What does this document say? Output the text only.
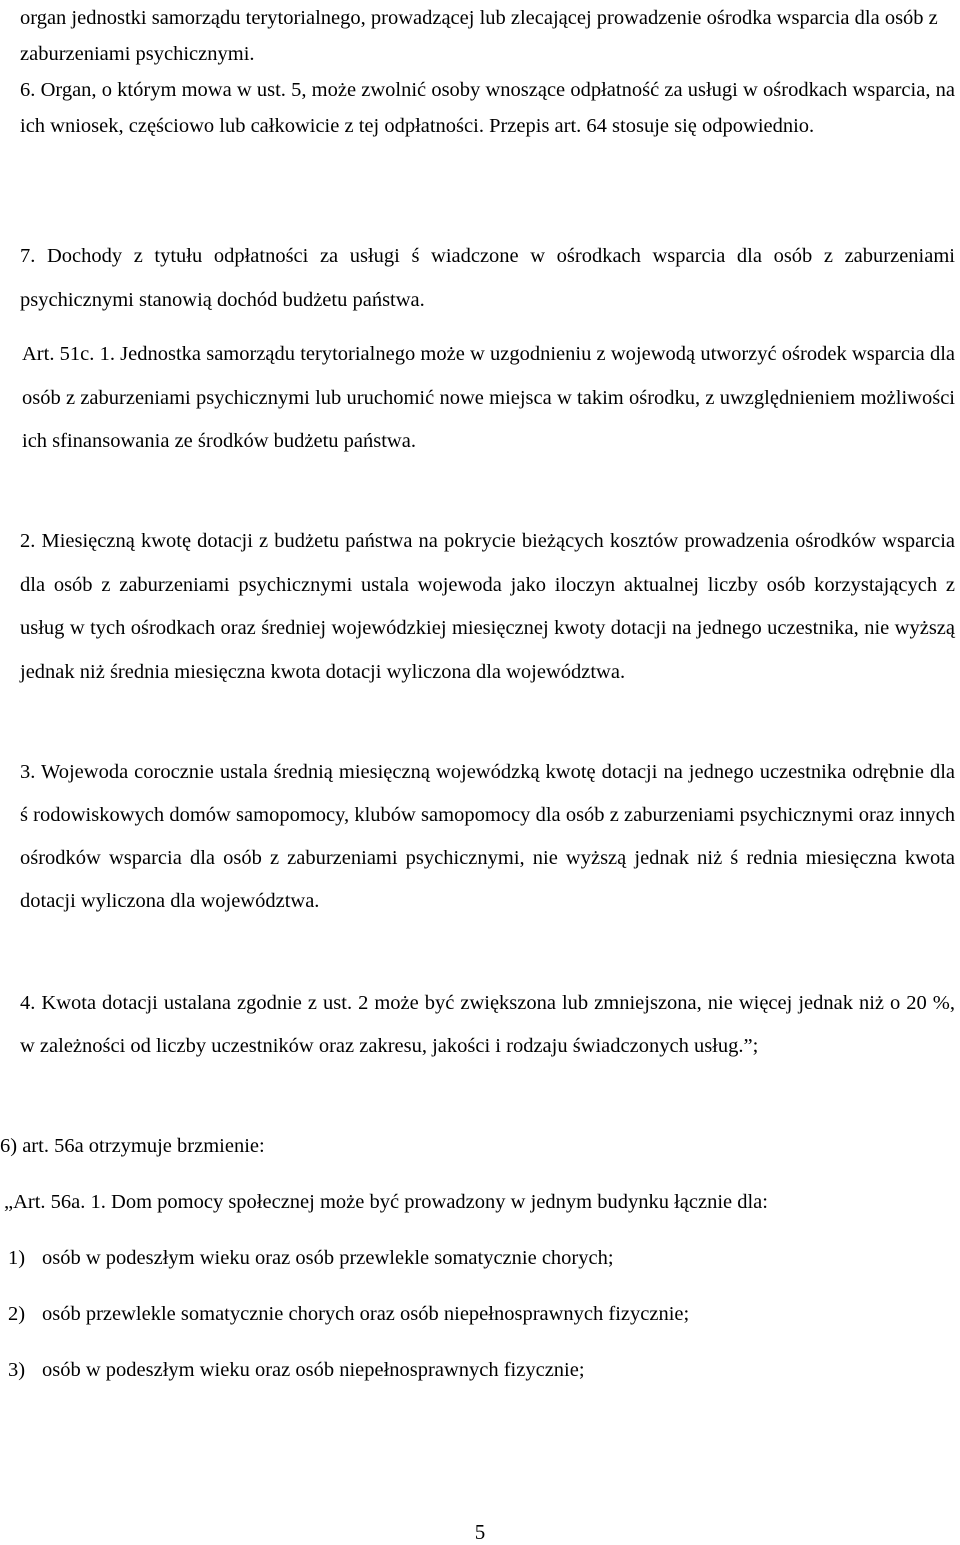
organ jednostki samorządu terytorialnego, prowadzącej lub zlecającej prowadzenie ośrodka wsparcia dla osób z zaburzeniami psychicznymi.

6. Organ, o którym mowa w ust. 5, może zwolnić osoby wnoszące odpłatność za usługi w ośrodkach wsparcia, na ich wniosek, częściowo lub całkowicie z tej odpłatności. Przepis art. 64 stosuje się odpowiednio.

7. Dochody z tytułu odpłatności za usługi ś wiadczone w ośrodkach wsparcia dla osób z zaburzeniami psychicznymi stanowią dochód budżetu państwa.

Art. 51c. 1. Jednostka samorządu terytorialnego może w uzgodnieniu z wojewodą utworzyć ośrodek wsparcia dla osób z zaburzeniami psychicznymi lub uruchomić nowe miejsca w takim ośrodku, z uwzględnieniem możliwości ich sfinansowania ze środków budżetu państwa.

2. Miesięczną kwotę dotacji z budżetu państwa na pokrycie bieżących kosztów prowadzenia ośrodków wsparcia dla osób z zaburzeniami psychicznymi ustala wojewoda jako iloczyn aktualnej liczby osób korzystających z usług w tych ośrodkach oraz średniej wojewódzkiej miesięcznej kwoty dotacji na jednego uczestnika, nie wyższą jednak niż średnia miesięczna kwota dotacji wyliczona dla województwa.

3. Wojewoda corocznie ustala średnią miesięczną wojewódzką kwotę dotacji na jednego uczestnika odrębnie dla ś rodowiskowych domów samopomocy, klubów samopomocy dla osób z zaburzeniami psychicznymi oraz innych ośrodków wsparcia dla osób z zaburzeniami psychicznymi, nie wyższą jednak niż ś rednia miesięczna kwota dotacji wyliczona dla województwa.

4. Kwota dotacji ustalana zgodnie z ust. 2 może być zwiększona lub zmniejszona, nie więcej jednak niż o 20 %, w zależności od liczby uczestników oraz zakresu, jakości i rodzaju świadczonych usług.”;

6) art. 56a otrzymuje brzmienie:

„Art. 56a. 1. Dom pomocy społecznej może być prowadzony w jednym budynku łącznie dla:

1) osób w podeszłym wieku oraz osób przewlekle somatycznie chorych;

2) osób przewlekle somatycznie chorych oraz osób niepełnosprawnych fizycznie;

3) osób w podeszłym wieku oraz osób niepełnosprawnych fizycznie;

5
